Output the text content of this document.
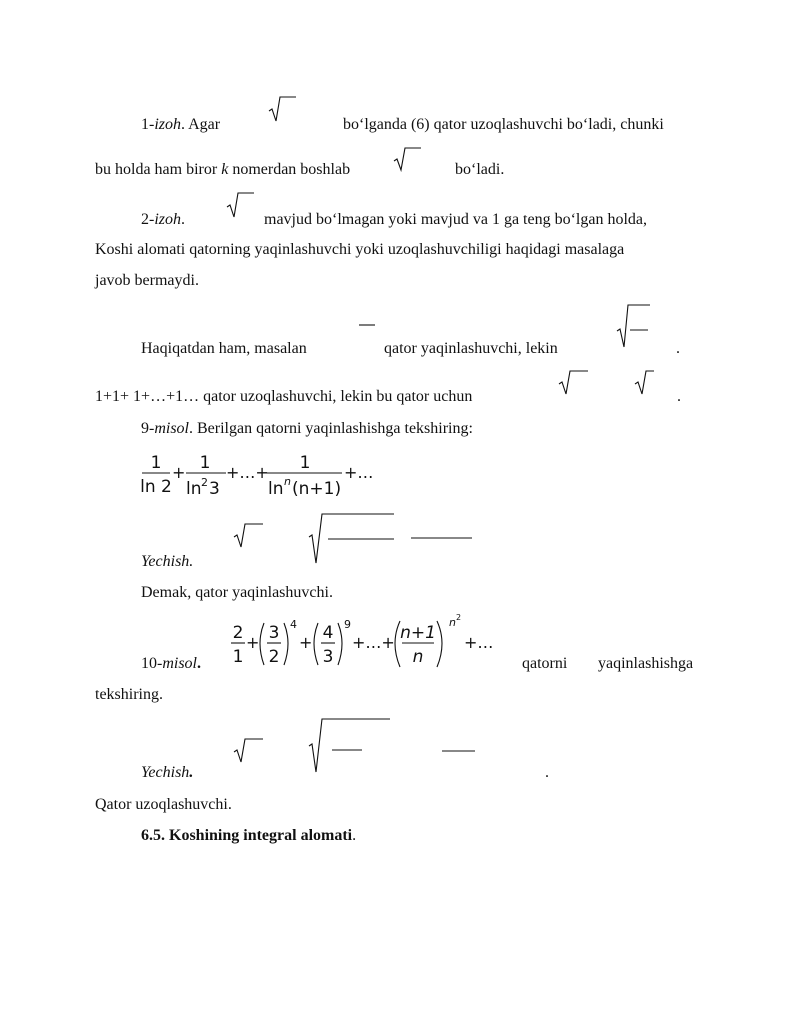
1-izoh. Agar	bo‘lganda (6) qator uzoqlashuvchi bo‘ladi, chunki
bu holda ham biror k nomerdan boshlab	bo‘ladi.
2-izoh.	mavjud bo‘lmagan yoki mavjud va 1 ga teng bo‘lgan holda,
Koshi alomati qatorning yaqinlashuvchi yoki uzoqlashuvchiligi haqidagi masalaga
javob bermaydi.
Haqiqatdan ham, masalan	qator yaqinlashuvchi, lekin	.
1+1+ 1+…+1… qator uzoqlashuvchi, lekin bu qator uchun	.
9-misol. Berilgan qatorni yaqinlashishga tekshiring:
1
ln 2
+ 1
ln 2 3
+…+ 1
ln n (n+1)
+…
Yechish.
Demak, qator yaqinlashuvchi.
2
1
+ 3
2
4
+ 4
3
9
+…+ n+1
n
n 2
+…
10-misol.	qatorni yaqinlashishga
tekshiring.
Yechish.	.
Qator uzoqlashuvchi.
6.5. Koshining integral alomati.
